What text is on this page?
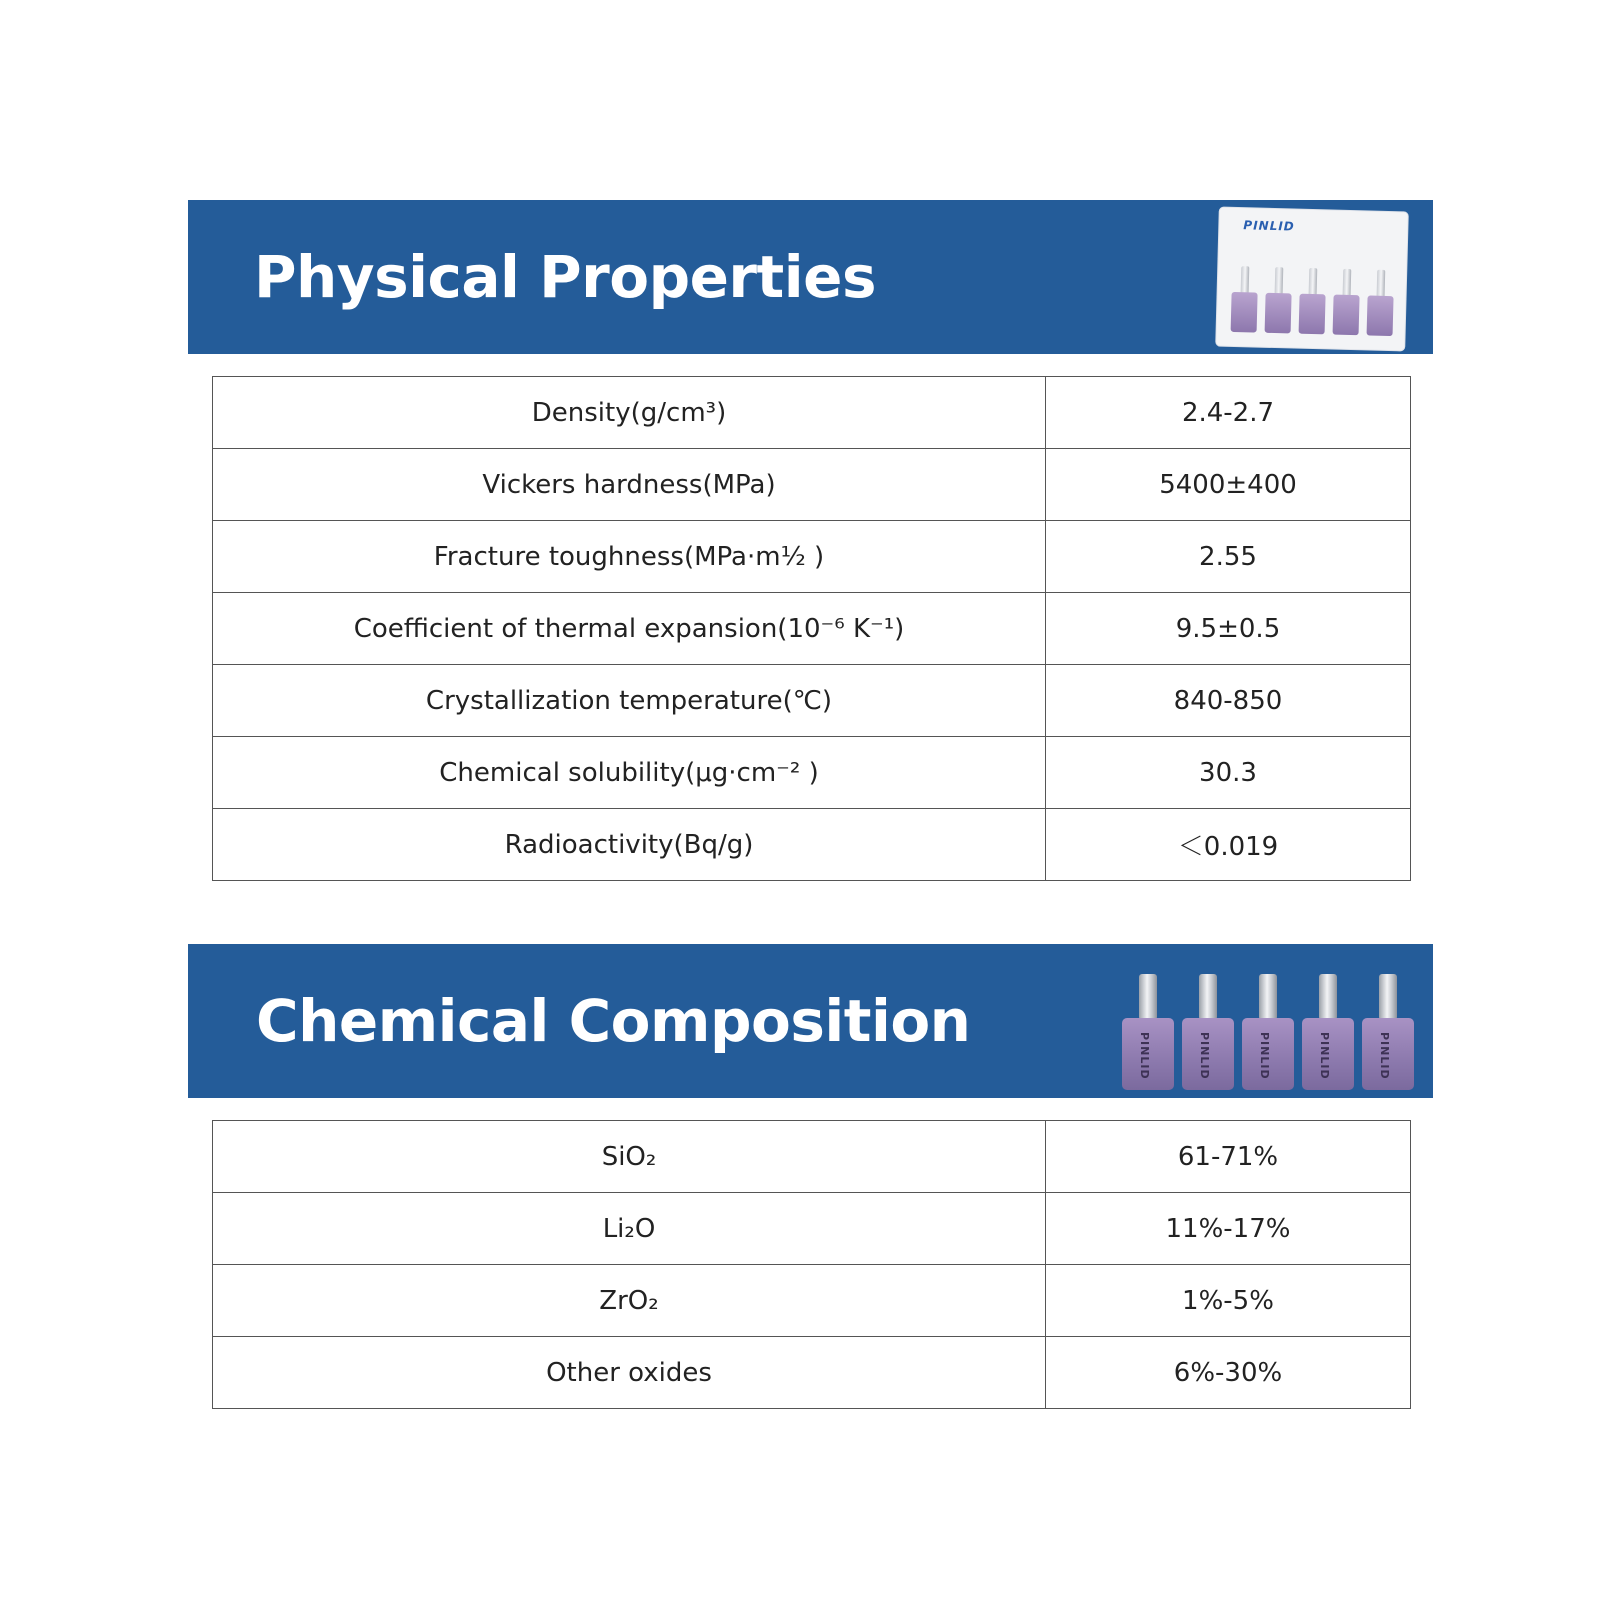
Physical Properties
PINLID
Density(g/cm³)	2.4-2.7
Vickers hardness(MPa)	5400±400
Fracture toughness(MPa·m½ )	2.55
Coefficient of thermal expansion(10⁻⁶ K⁻¹)	9.5±0.5
Crystallization temperature(℃)	840-850
Chemical solubility(μg·cm⁻² )	30.3
Radioactivity(Bq/g)	＜0.019
Chemical Composition
PINLID	PINLID	PINLID	PINLID	PINLID
SiO₂	61-71%
Li₂O	11%-17%
ZrO₂	1%-5%
Other oxides	6%-30%
